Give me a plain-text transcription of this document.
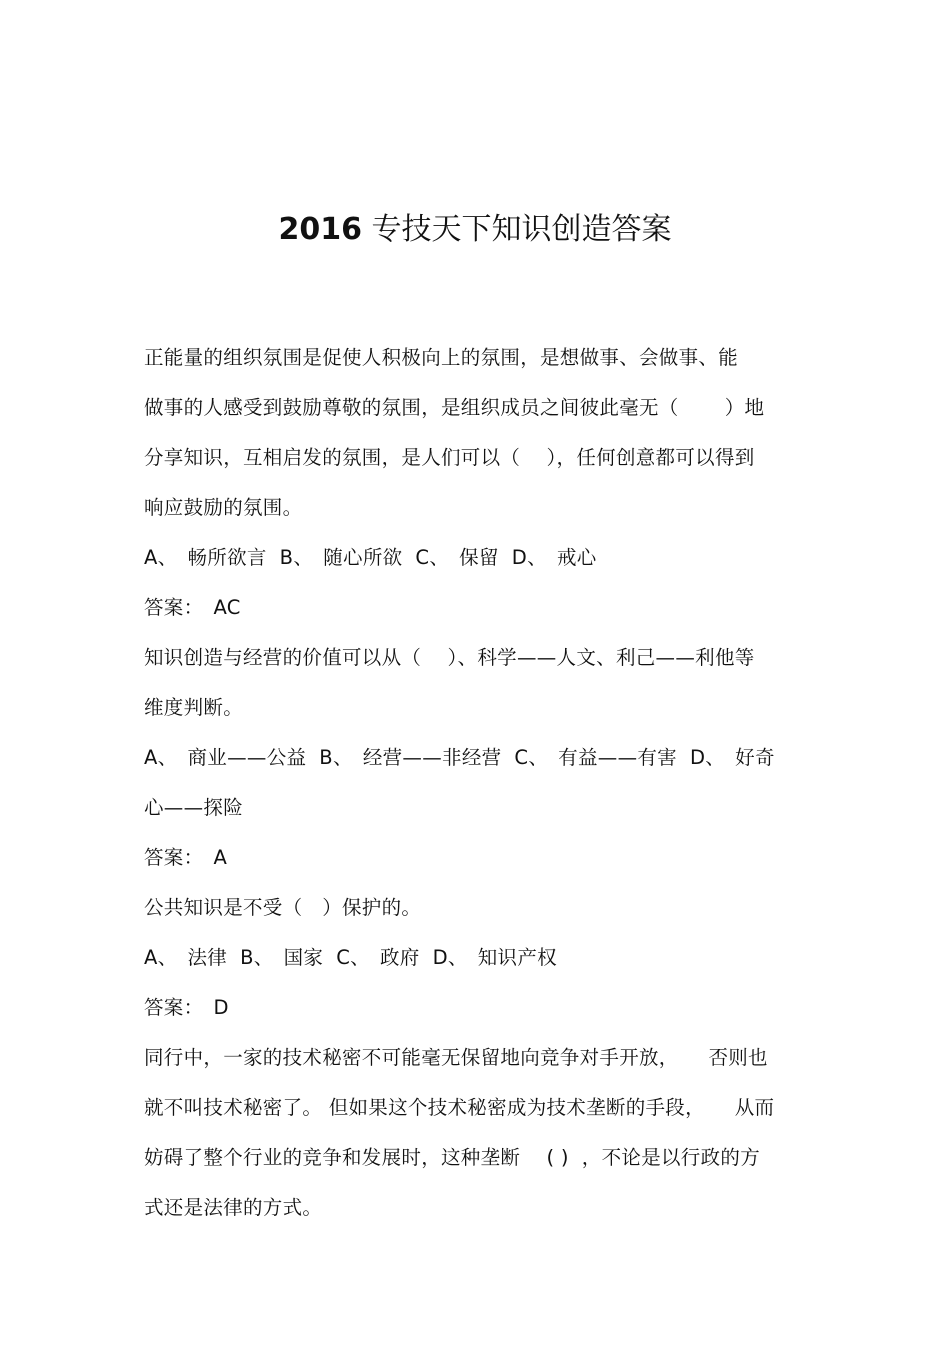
2016 专技天下知识创造答案
正能量的组织氛围是促使人积极向上的氛围，是想做事、会做事、能
做事的人感受到鼓励尊敬的氛围，是组织成员之间彼此毫无（　　 ）地
分享知识，互相启发的氛围，是人们可以（　 ），任何创意都可以得到
响应鼓励的氛围。
A、　畅所欲言  B、　随心所欲  C、　保留  D、　戒心
答案：　AC
知识创造与经营的价值可以从（　 ）、科学——人文、利己——利他等
维度判断。
A、　商业——公益  B、　经营——非经营  C、　有益——有害  D、　好奇
心——探险
答案：　A
公共知识是不受（　）保护的。
A、　法律  B、　国家  C、　政府  D、　知识产权
答案：　D
同行中，一家的技术秘密不可能毫无保留地向竞争对手开放，　　否则也
就不叫技术秘密了。 但如果这个技术秘密成为技术垄断的手段，　　从而
妨碍了整个行业的竞争和发展时，这种垄断　 ( )  ，不论是以行政的方
式还是法律的方式。
